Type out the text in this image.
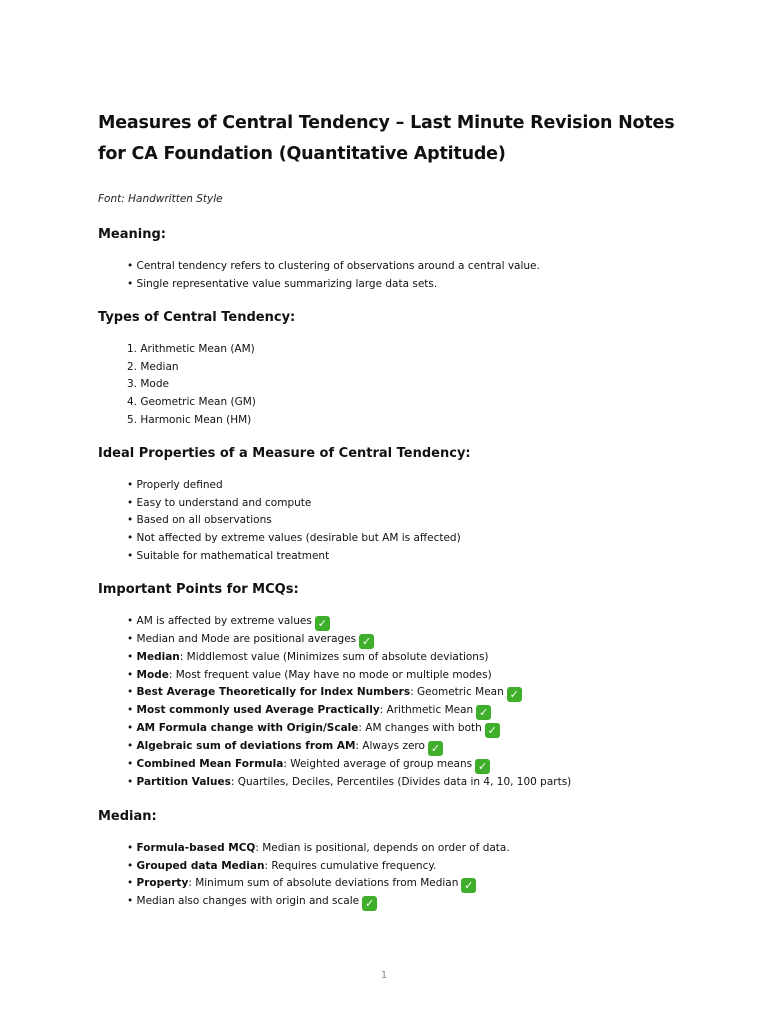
Measures of Central Tendency – Last Minute Revision Notes for CA Foundation (Quantitative Aptitude)

Font: Handwritten Style

Meaning:
• Central tendency refers to clustering of observations around a central value.
• Single representative value summarizing large data sets.
Types of Central Tendency:
1. Arithmetic Mean (AM)
2. Median
3. Mode
4. Geometric Mean (GM)
5. Harmonic Mean (HM)
Ideal Properties of a Measure of Central Tendency:
• Properly defined
• Easy to understand and compute
• Based on all observations
• Not affected by extreme values (desirable but AM is affected)
• Suitable for mathematical treatment
Important Points for MCQs:
• AM is affected by extreme values ✓
• Median and Mode are positional averages ✓
• Median: Middlemost value (Minimizes sum of absolute deviations)
• Mode: Most frequent value (May have no mode or multiple modes)
• Best Average Theoretically for Index Numbers: Geometric Mean ✓
• Most commonly used Average Practically: Arithmetic Mean ✓
• AM Formula change with Origin/Scale: AM changes with both ✓
• Algebraic sum of deviations from AM: Always zero ✓
• Combined Mean Formula: Weighted average of group means ✓
• Partition Values: Quartiles, Deciles, Percentiles (Divides data in 4, 10, 100 parts)
Median:
• Formula-based MCQ: Median is positional, depends on order of data.
• Grouped data Median: Requires cumulative frequency.
• Property: Minimum sum of absolute deviations from Median ✓
• Median also changes with origin and scale ✓
1
